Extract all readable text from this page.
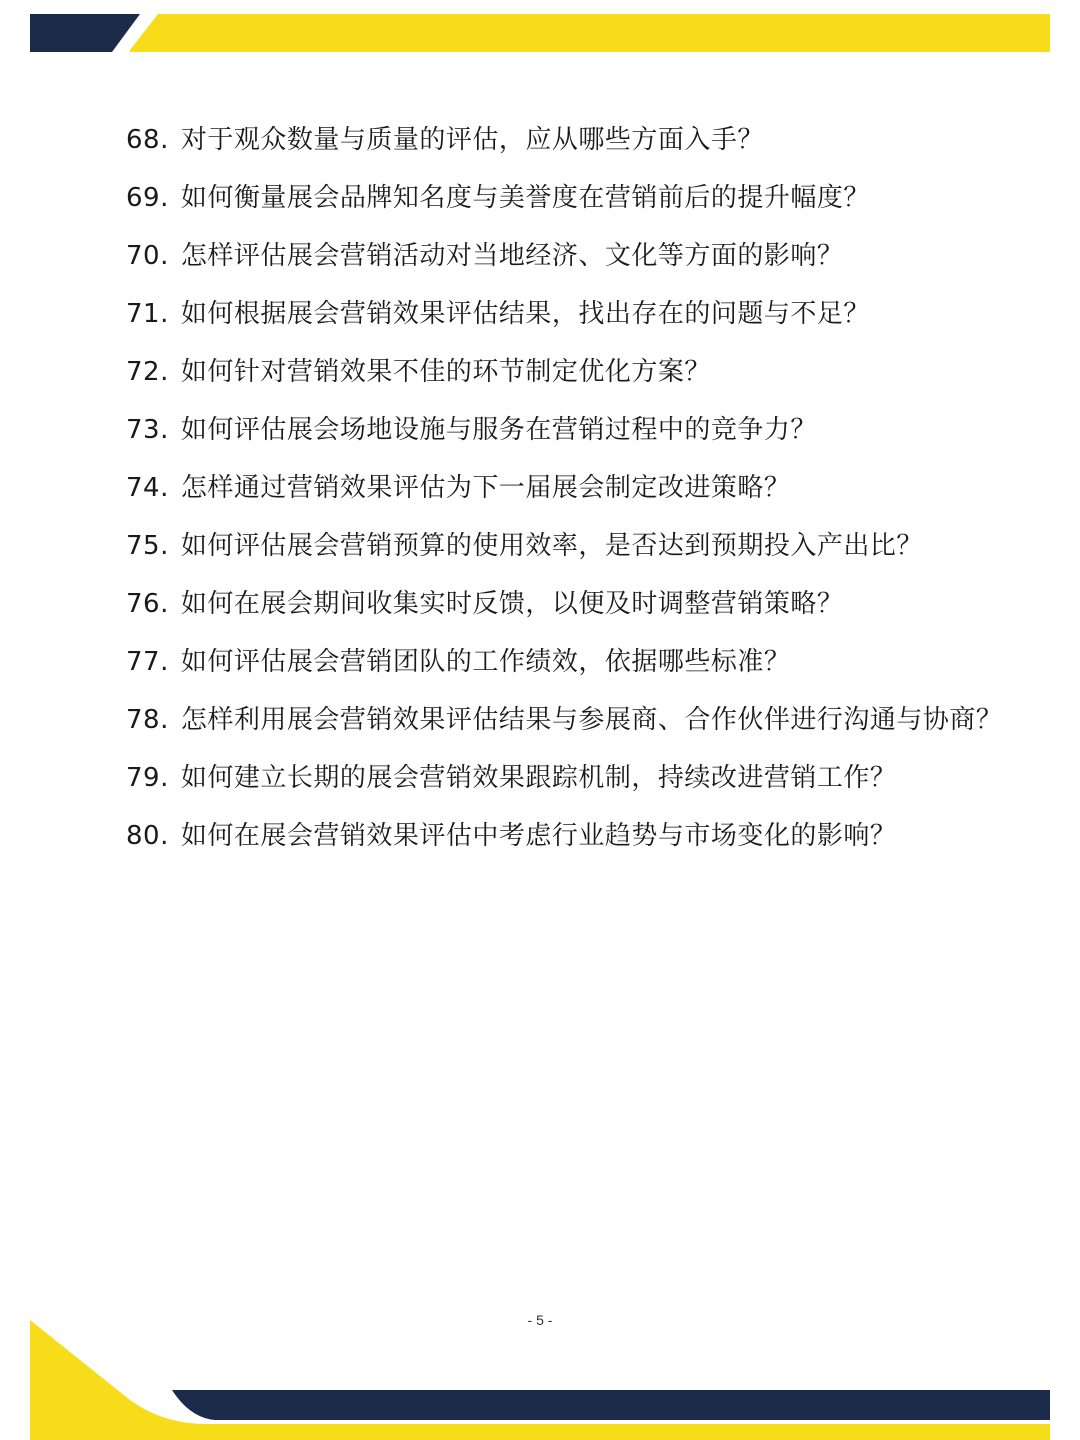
68. 对于观众数量与质量的评估，应从哪些方面入手？
69. 如何衡量展会品牌知名度与美誉度在营销前后的提升幅度？
70. 怎样评估展会营销活动对当地经济、文化等方面的影响？
71. 如何根据展会营销效果评估结果，找出存在的问题与不足？
72. 如何针对营销效果不佳的环节制定优化方案？
73. 如何评估展会场地设施与服务在营销过程中的竞争力？
74. 怎样通过营销效果评估为下一届展会制定改进策略？
75. 如何评估展会营销预算的使用效率，是否达到预期投入产出比？
76. 如何在展会期间收集实时反馈，以便及时调整营销策略？
77. 如何评估展会营销团队的工作绩效，依据哪些标准？
78. 怎样利用展会营销效果评估结果与参展商、合作伙伴进行沟通与协商？
79. 如何建立长期的展会营销效果跟踪机制，持续改进营销工作？
80. 如何在展会营销效果评估中考虑行业趋势与市场变化的影响？
- 5 -
